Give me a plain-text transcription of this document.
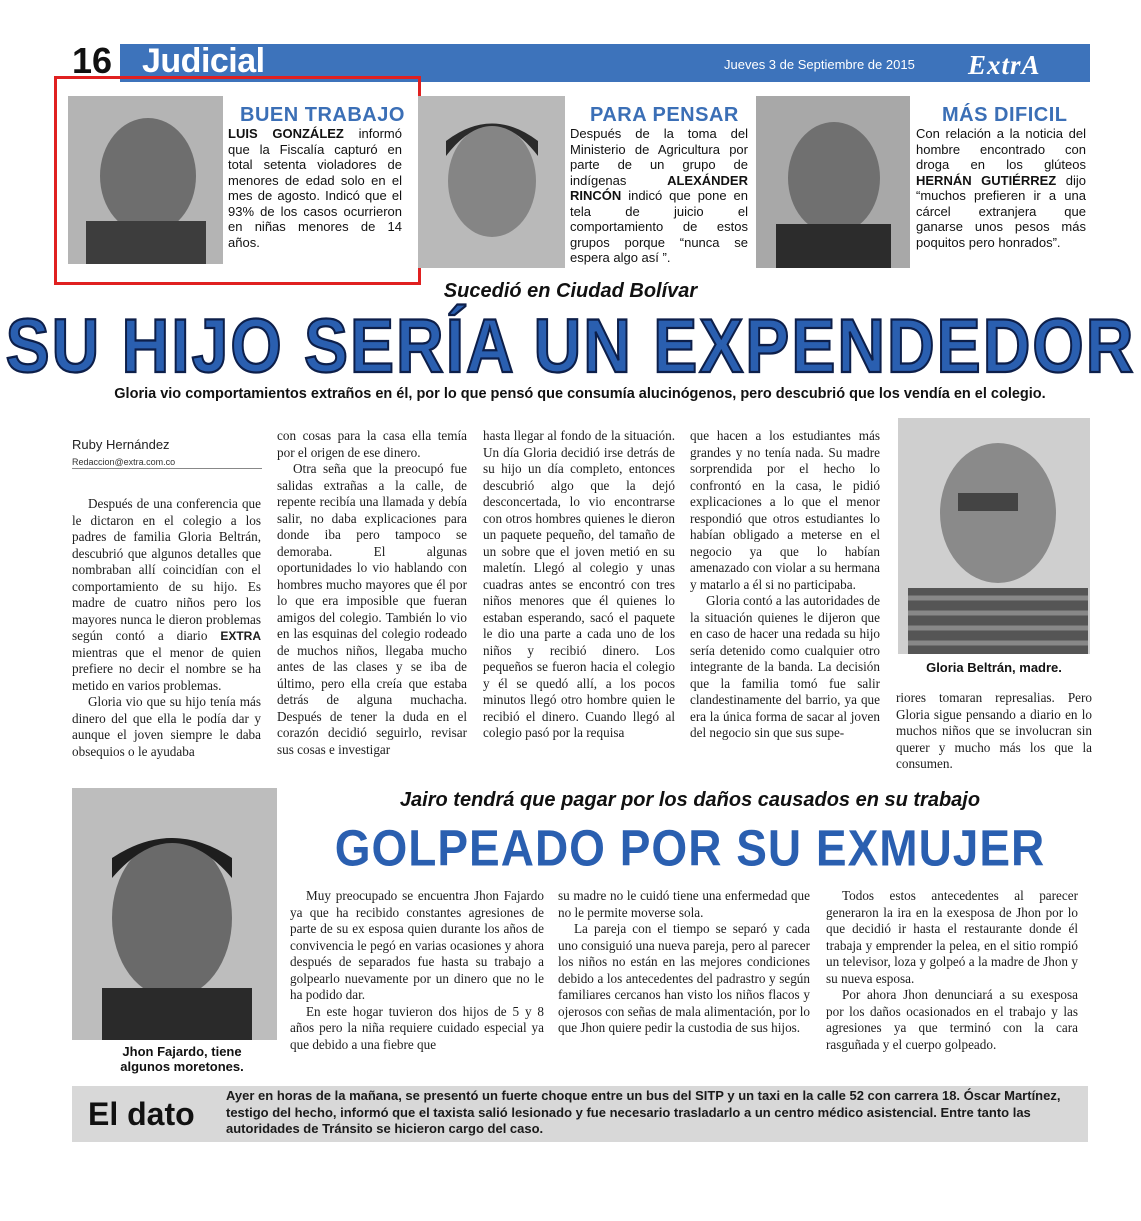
16 Judicial	Jueves 3 de Septiembre de 2015 ExtrA
BUEN TRABAJO
LUIS GONZÁLEZ informó que la Fiscalía capturó en total setenta violadores de menores de edad solo en el mes de agosto. Indicó que el 93% de los casos ocurrieron en niñas menores de 14 años.
PARA PENSAR
Después de la toma del Ministerio de Agricultura por parte de un grupo de indígenas ALEXÁNDER RINCÓN indicó que pone en tela de juicio el comportamiento de estos grupos porque “nunca se espera algo así ”.
MÁS DIFICIL
Con relación a la noticia del hombre encontrado con droga en los glúteos HERNÁN GUTIÉRREZ dijo “muchos prefieren ir a una cárcel extranjera que ganarse unos pesos más poquitos pero honrados”.
Sucedió en Ciudad Bolívar
SU HIJO SERÍA UN EXPENDEDOR
Gloria vio comportamientos extraños en él, por lo que pensó que consumía alucinógenos, pero descubrió que los vendía en el colegio.
Ruby Hernández
Redaccion@extra.com.co

Después de una conferencia que le dictaron en el colegio a los padres de familia Gloria Beltrán, descubrió que algunos detalles que nombraban allí coincidían con el comportamiento de su hijo. Es madre de cuatro niños pero los mayores nunca le dieron problemas según contó a diario EXTRA mientras que el menor de quien prefiere no decir el nombre se ha metido en varios problemas.

Gloria vio que su hijo tenía más dinero del que ella le podía dar y aunque el joven siempre le daba obsequios o le ayudaba

con cosas para la casa ella temía por el origen de ese dinero.

Otra seña que la preocupó fue salidas extrañas a la calle, de repente recibía una llamada y debía salir, no daba explicaciones para donde iba pero tampoco se demoraba. El algunas oportunidades lo vio hablando con hombres mucho mayores que él por lo que era imposible que fueran amigos del colegio. También lo vio en las esquinas del colegio rodeado de muchos niños, llegaba mucho antes de las clases y se iba de último, pero ella creía que estaba detrás de alguna muchacha. Después de tener la duda en el corazón decidió seguirlo, revisar sus cosas e investigar

hasta llegar al fondo de la situación. Un día Gloria decidió irse detrás de su hijo un día completo, entonces descubrió algo que la dejó desconcertada, lo vio encontrarse con otros hombres quienes le dieron un paquete pequeño, del tamaño de un sobre que el joven metió en su maletín. Llegó al colegio y unas cuadras antes se encontró con tres niños menores que él quienes lo estaban esperando, sacó el paquete le dio una parte a cada uno de los niños y recibió dinero. Los pequeños se fueron hacia el colegio y él se quedó allí, a los pocos minutos llegó otro hombre quien le recibió el dinero. Cuando llegó al colegio pasó por la requisa

que hacen a los estudiantes más grandes y no tenía nada. Su madre sorprendida por el hecho lo confrontó en la casa, le pidió explicaciones a lo que el menor respondió que otros estudiantes lo habían obligado a meterse en el negocio ya que lo habían amenazado con violar a su hermana y matarlo a él si no participaba.

Gloria contó a las autoridades de la situación quienes le dijeron que en caso de hacer una redada su hijo sería detenido como cualquier otro integrante de la banda. La decisión que la familia tomó fue salir clandestinamente del barrio, ya que era la única forma de sacar al joven del negocio sin que sus supe-

Gloria Beltrán, madre.

riores tomaran represalias. Pero Gloria sigue pensando a diario en lo muchos niños que se involucran sin querer y mucho más los que la consumen.

Jhon Fajardo, tiene algunos moretones.
Jairo tendrá que pagar por los daños causados en su trabajo
GOLPEADO POR SU EXMUJER

Muy preocupado se encuentra Jhon Fajardo ya que ha recibido constantes agresiones de parte de su ex esposa quien durante los años de convivencia le pegó en varias ocasiones y ahora después de separados fue hasta su trabajo a golpearlo nuevamente por un dinero que no le ha podido dar.

En este hogar tuvieron dos hijos de 5 y 8 años pero la niña requiere cuidado especial ya que debido a una fiebre que

su madre no le cuidó tiene una enfermedad que no le permite moverse sola.

La pareja con el tiempo se separó y cada uno consiguió una nueva pareja, pero al parecer los niños no están en las mejores condiciones debido a los antecedentes del padrastro y según familiares cercanos han visto los niños flacos y ojerosos con señas de mala alimentación, por lo que Jhon quiere pedir la custodia de sus hijos.

Todos estos antecedentes al parecer generaron la ira en la exesposa de Jhon por lo que decidió ir hasta el restaurante donde él trabaja y emprender la pelea, en el sitio rompió un televisor, loza y golpeó a la madre de Jhon y su nueva esposa.

Por ahora Jhon denunciará a su exesposa por los daños ocasionados en el trabajo y las agresiones ya que terminó con la cara rasguñada y el cuerpo golpeado.

El dato
Ayer en horas de la mañana, se presentó un fuerte choque entre un bus del SITP y un taxi en la calle 52 con carrera 18. Óscar Martínez, testigo del hecho, informó que el taxista salió lesionado y fue necesario trasladarlo a un centro médico asistencial. Entre tanto las autoridades de Tránsito se hicieron cargo del caso.
